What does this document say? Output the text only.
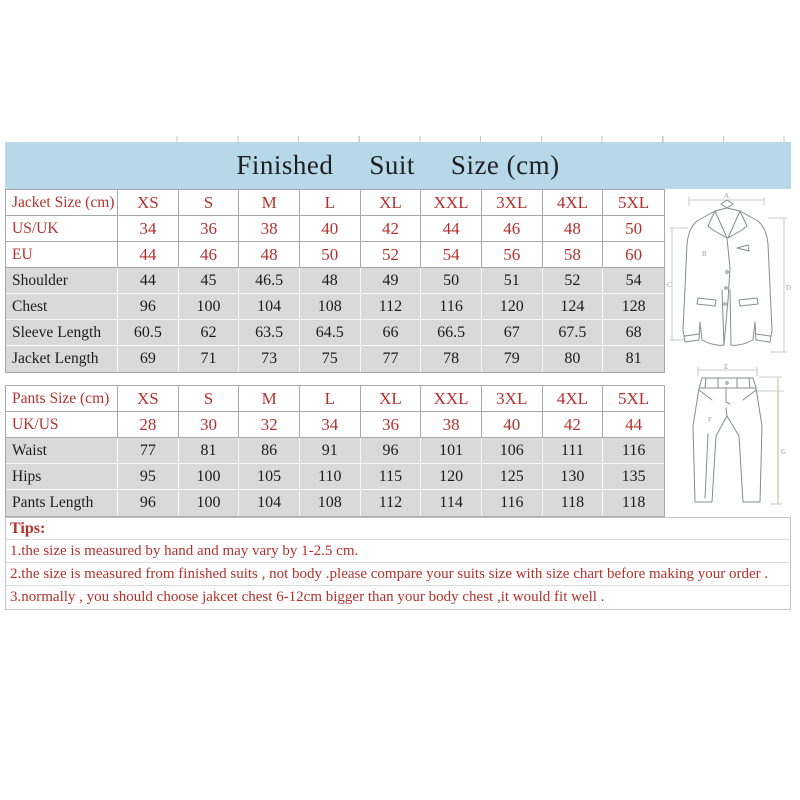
Finished Suit Size (cm)
Jacket Size (cm)	XS	S	M	L	XL	XXL	3XL	4XL	5XL
US/UK	34	36	38	40	42	44	46	48	50
EU	44	46	48	50	52	54	56	58	60
Shoulder	44	45	46.5	48	49	50	51	52	54
Chest	96	100	104	108	112	116	120	124	128
Sleeve Length	60.5	62	63.5	64.5	66	66.5	67	67.5	68
Jacket Length	69	71	73	75	77	78	79	80	81
Pants Size (cm)	XS	S	M	L	XL	XXL	3XL	4XL	5XL
UK/US	28	30	32	34	36	38	40	42	44
Waist	77	81	86	91	96	101	106	111	116
Hips	95	100	105	110	115	120	125	130	135
Pants Length	96	100	104	108	112	114	116	118	118
Tips:
1.the size is measured by hand and may vary by 1-2.5 cm.
2.the size is measured from finished suits , not body .please compare your suits size with size chart before making your order .
3.normally , you should choose jakcet chest 6-12cm bigger than your body chest ,it would fit well .
A
C	D
B
E
G
F
